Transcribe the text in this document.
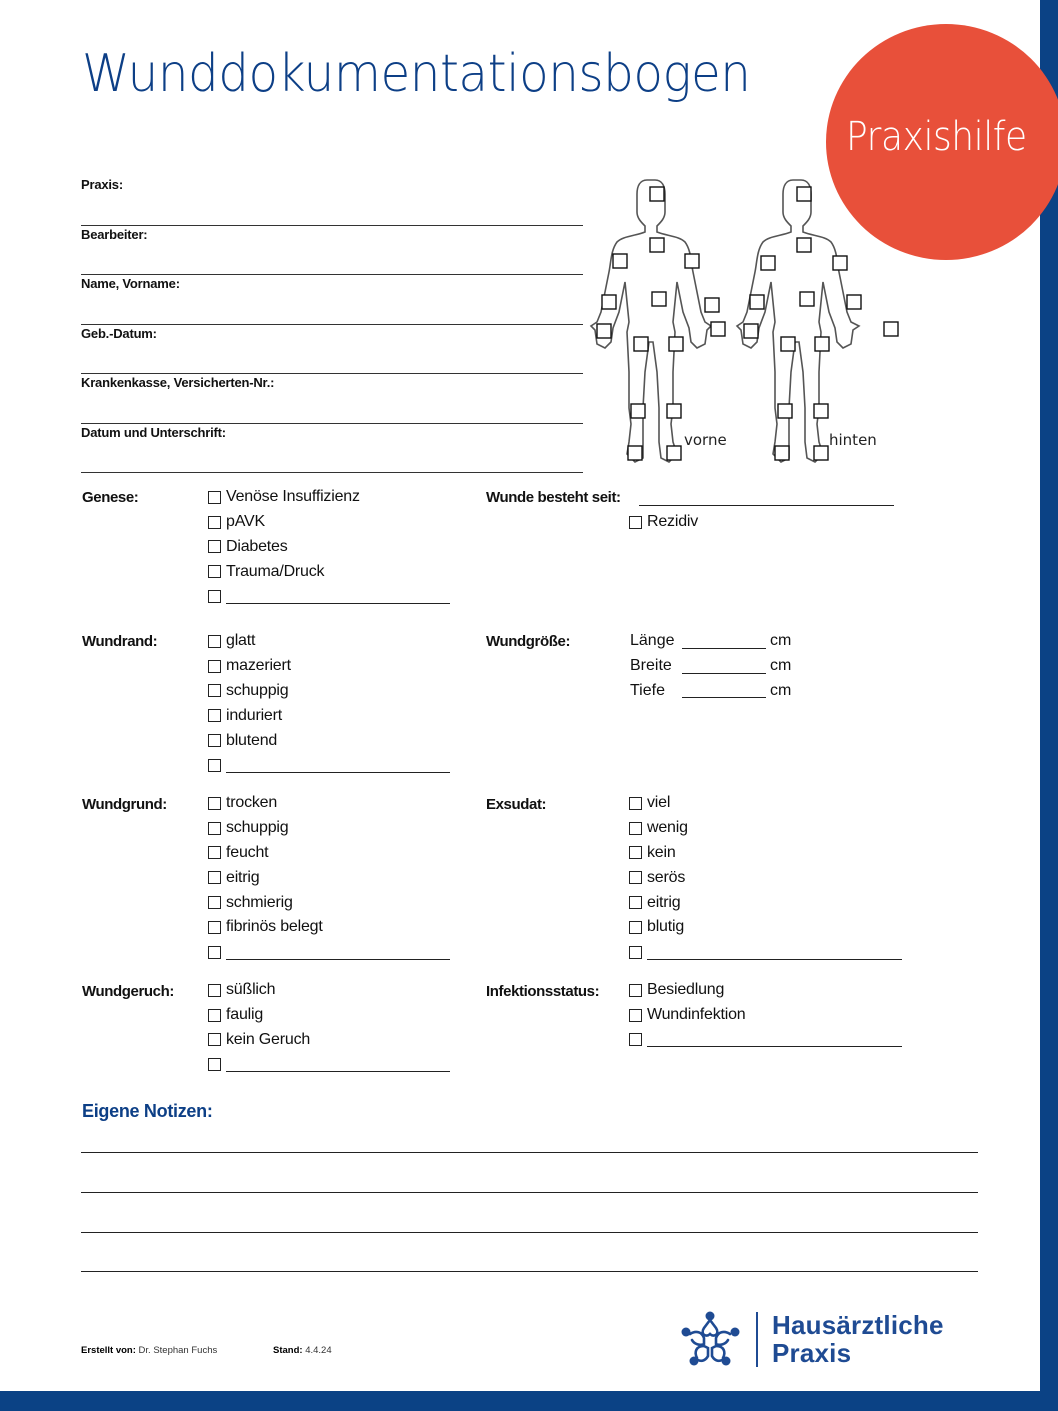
Wunddokumentationsbogen
Praxishilfe
Praxis:
Bearbeiter:
Name, Vorname:
Geb.-Datum:
Krankenkasse, Versicherten-Nr.:
Datum und Unterschrift:	vorne	hinten
Genese:	Venöse Insuffizienz
pAVK
Diabetes
Trauma/Druck
Wunde besteht seit:
Rezidiv
Wundrand:	glatt
mazeriert
schuppig
induriert
blutend
Wundgröße:	Länge	cm
Breite	cm
Tiefe	cm
Wundgrund:	trocken
schuppig
feucht
eitrig
schmierig
fibrinös belegt
Exsudat:	viel
wenig
kein
serös
eitrig
blutig
Wundgeruch:	süßlich
faulig
kein Geruch
Infektionsstatus:	Besiedlung
Wundinfektion
Eigene Notizen:
Erstellt von: Dr. Stephan Fuchs	Stand: 4.4.24
Hausärztliche
Praxis
